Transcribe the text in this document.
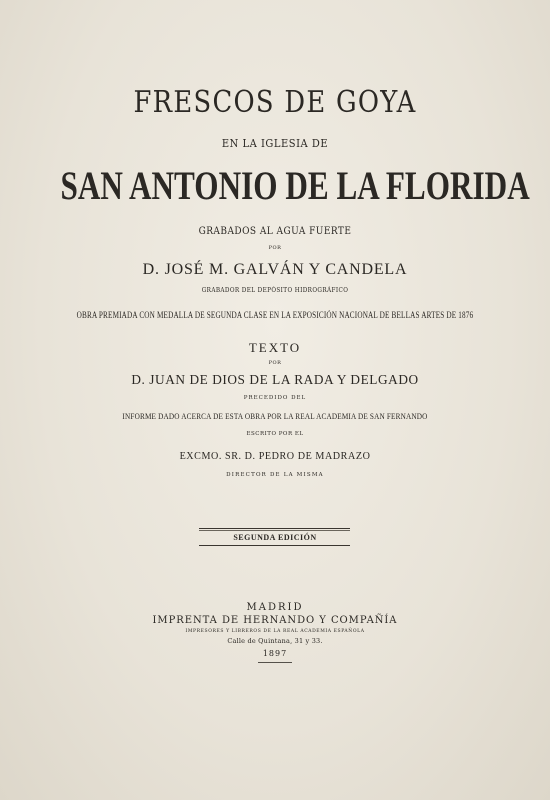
FRESCOS DE GOYA
EN LA IGLESIA DE
SAN ANTONIO DE LA FLORIDA
GRABADOS AL AGUA FUERTE
POR
D. JOSÉ M. GALVÁN Y CANDELA
GRABADOR DEL DEPÓSITO HIDROGRÁFICO
OBRA PREMIADA CON MEDALLA DE SEGUNDA CLASE EN LA EXPOSICIÓN NACIONAL DE BELLAS ARTES DE 1876
TEXTO
POR
D. JUAN DE DIOS DE LA RADA Y DELGADO
PRECEDIDO DEL
INFORME DADO ACERCA DE ESTA OBRA POR LA REAL ACADEMIA DE SAN FERNANDO
ESCRITO POR EL
EXCMO. SR. D. PEDRO DE MADRAZO
DIRECTOR DE LA MISMA
SEGUNDA EDICIÓN
MADRID
IMPRENTA DE HERNANDO Y COMPAÑÍA
IMPRESORES Y LIBREROS DE LA REAL ACADEMIA ESPAÑOLA
Calle de Quintana, 31 y 33.
1897
